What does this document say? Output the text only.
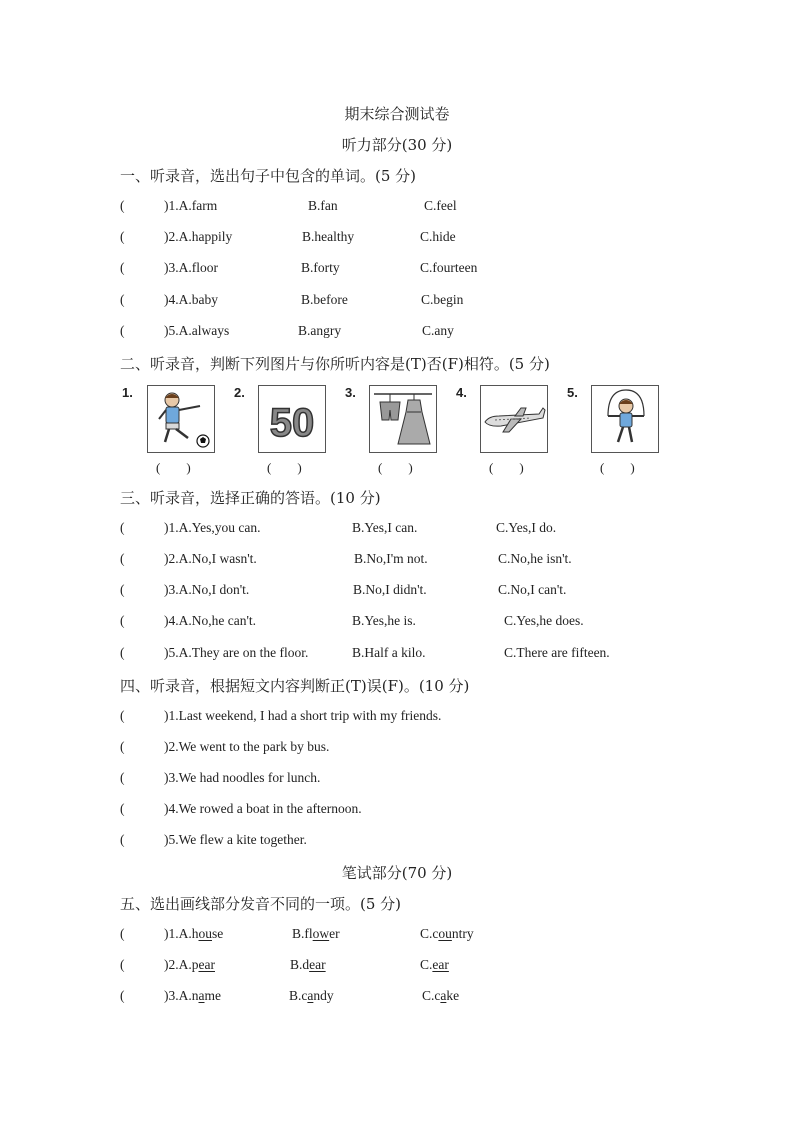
期末综合测试卷
听力部分(30 分)
一、听录音，选出句子中包含的单词。(5 分)
(	)1.A.farm	B.fan	C.feel
(	)2.A.happily	B.healthy	C.hide
(	)3.A.floor	B.forty	C.fourteen
(	)4.A.baby	B.before	C.begin
(	)5.A.always	B.angry	C.any
二、听录音，判断下列图片与你所听内容是(T)否(F)相符。(5 分)
1.
(　　)
2.
50
(　　)
3.
(　　)
4.
(　　)
5.
(　　)
三、听录音，选择正确的答语。(10 分)
(	)1.A.Yes,you can.	B.Yes,I can.	C.Yes,I do.
(	)2.A.No,I wasn't.	B.No,I'm not.	C.No,he isn't.
(	)3.A.No,I don't.	B.No,I didn't.	C.No,I can't.
(	)4.A.No,he can't.	B.Yes,he is.	C.Yes,he does.
(	)5.A.They are on the floor.	B.Half a kilo.	C.There are fifteen.
四、听录音，根据短文内容判断正(T)误(F)。(10 分)
(	)1.Last weekend, I had a short trip with my friends.
(	)2.We went to the park by bus.
(	)3.We had noodles for lunch.
(	)4.We rowed a boat in the afternoon.
(	)5.We flew a kite together.
笔试部分(70 分)
五、选出画线部分发音不同的一项。(5 分)
(	)1.A.house	B.flower	C.country
(	)2.A.pear	B.dear	C.ear
(	)3.A.name	B.candy	C.cake
